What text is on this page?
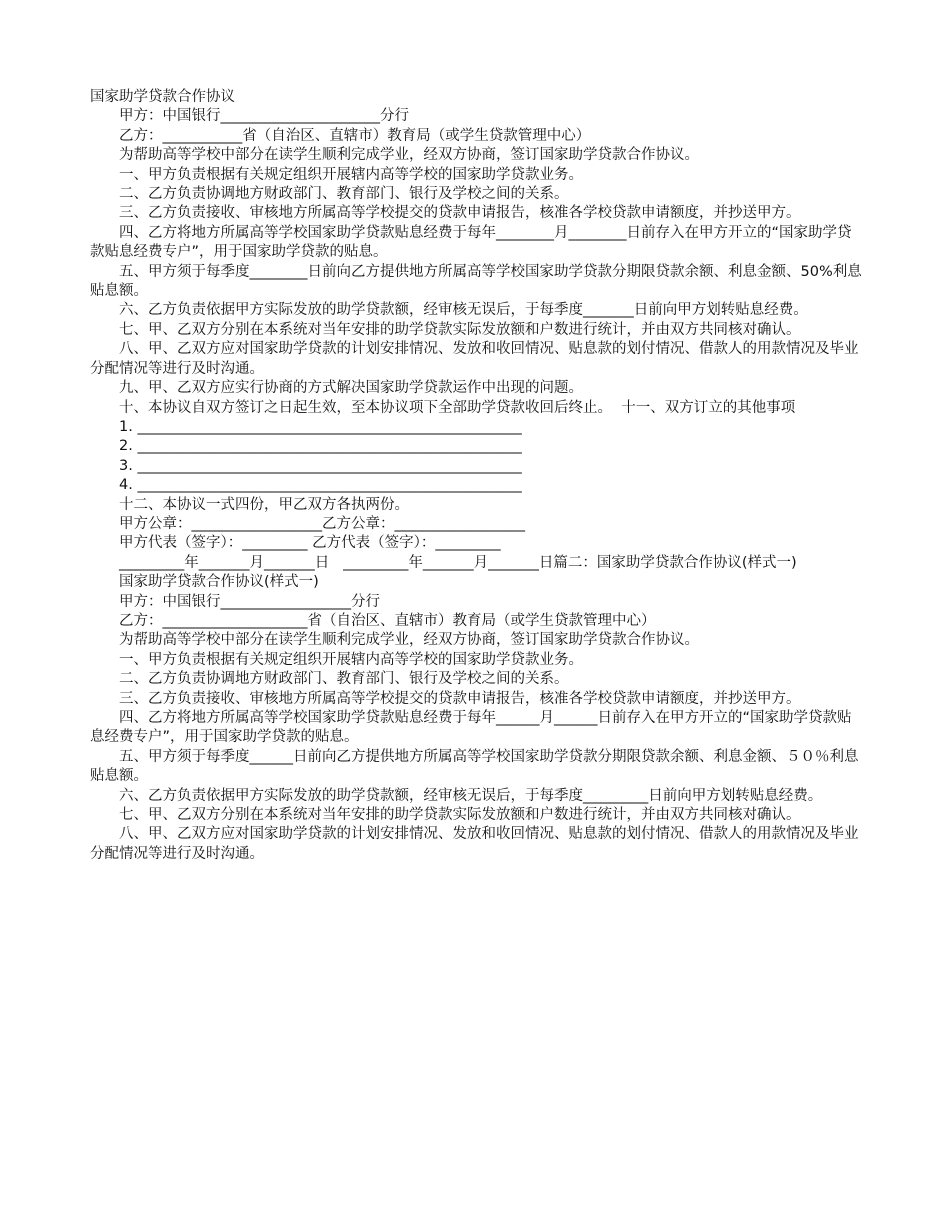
国家助学贷款合作协议

甲方：中国银行______________________分行

乙方：___________省（自治区、直辖市）教育局（或学生贷款管理中心）

为帮助高等学校中部分在读学生顺利完成学业，经双方协商，签订国家助学贷款合作协议。

一、甲方负责根据有关规定组织开展辖内高等学校的国家助学贷款业务。

二、乙方负责协调地方财政部门、教育部门、银行及学校之间的关系。

三、乙方负责接收、审核地方所属高等学校提交的贷款申请报告，核准各学校贷款申请额度，并抄送甲方。

四、乙方将地方所属高等学校国家助学贷款贴息经费于每年________月________日前存入在甲方开立的“国家助学贷款贴息经费专户”，用于国家助学贷款的贴息。

五、甲方须于每季度________日前向乙方提供地方所属高等学校国家助学贷款分期限贷款余额、利息金额、50%利息贴息额。

六、乙方负责依据甲方实际发放的助学贷款额，经审核无误后，于每季度_______日前向甲方划转贴息经费。

七、甲、乙双方分别在本系统对当年安排的助学贷款实际发放额和户数进行统计，并由双方共同核对确认。

八、甲、乙双方应对国家助学贷款的计划安排情况、发放和收回情况、贴息款的划付情况、借款人的用款情况及毕业分配情况等进行及时沟通。

九、甲、乙双方应实行协商的方式解决国家助学贷款运作中出现的问题。

十、本协议自双方签订之日起生效，至本协议项下全部助学贷款收回后终止。  十一、双方订立的其他事项

1. _____________________________________________________

2. _____________________________________________________

3. _____________________________________________________

4. _____________________________________________________

十二、本协议一式四份，甲乙双方各执两份。

甲方公章：__________________乙方公章：__________________

甲方代表（签字）：_________ 乙方代表（签字）：_________

_________年_______月_______日   _________年_______月_______日篇二：国家助学贷款合作协议(样式一)

国家助学贷款合作协议(样式一)

甲方：中国银行__________________分行

乙方：____________________省（自治区、直辖市）教育局（或学生贷款管理中心）

为帮助高等学校中部分在读学生顺利完成学业，经双方协商，签订国家助学贷款合作协议。

一、甲方负责根据有关规定组织开展辖内高等学校的国家助学贷款业务。

二、乙方负责协调地方财政部门、教育部门、银行及学校之间的关系。

三、乙方负责接收、审核地方所属高等学校提交的贷款申请报告，核准各学校贷款申请额度，并抄送甲方。

四、乙方将地方所属高等学校国家助学贷款贴息经费于每年______月______日前存入在甲方开立的“国家助学贷款贴息经费专户”，用于国家助学贷款的贴息。

五、甲方须于每季度______日前向乙方提供地方所属高等学校国家助学贷款分期限贷款余额、利息金额、５０％利息贴息额。

六、乙方负责依据甲方实际发放的助学贷款额，经审核无误后，于每季度_________日前向甲方划转贴息经费。

七、甲、乙双方分别在本系统对当年安排的助学贷款实际发放额和户数进行统计，并由双方共同核对确认。

八、甲、乙双方应对国家助学贷款的计划安排情况、发放和收回情况、贴息款的划付情况、借款人的用款情况及毕业分配情况等进行及时沟通。
